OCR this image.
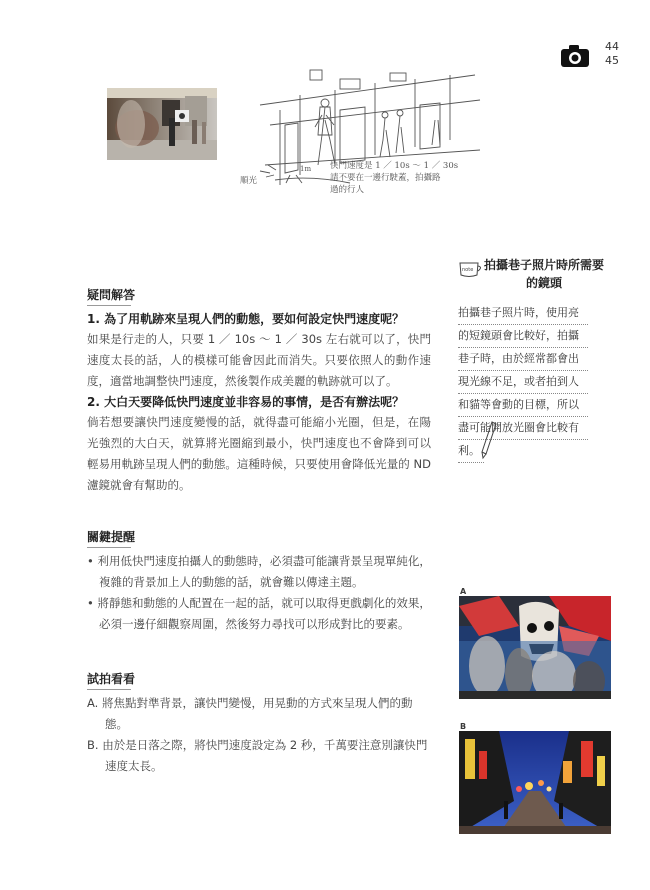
44
45
順光
1m 快門速度是 1 ／ 10s ～ 1 ／ 30s
請不要在一邊行駛蓋，拍攝路
過的行人
疑問解答
1. 為了用軌跡來呈現人們的動態，要如何設定快門速度呢？
如果是行走的人，只要 1 ／ 10s ～ 1 ／ 30s 左右就可以了，快門速度太長的話，人的模樣可能會因此而消失。只要依照人的動作速度，適當地調整快門速度，然後製作成美麗的軌跡就可以了。
2. 大白天要降低快門速度並非容易的事情，是否有辦法呢？
倘若想要讓快門速度變慢的話，就得盡可能縮小光圈，但是，在陽光強烈的大白天，就算將光圈縮到最小，快門速度也不會降到可以輕易用軌跡呈現人們的動態。這種時候，只要使用會降低光量的 ND 濾鏡就會有幫助的。
關鍵提醒
• 利用低快門速度拍攝人的動態時，必須盡可能讓背景呈現單純化，複雜的背景加上人的動態的話，就會難以傳達主題。
• 將靜態和動態的人配置在一起的話，就可以取得更戲劇化的效果，必須一邊仔細觀察周圍，然後努力尋找可以形成對比的要素。
試拍看看
A. 將焦點對準背景，讓快門變慢，用晃動的方式來呈現人們的動態。
B. 由於是日落之際，將快門速度設定為 2 秒，千萬要注意別讓快門速度太長。
note 拍攝巷子照片時所需要的鏡頭
拍攝巷子照片時，使用亮
的短鏡頭會比較好，拍攝
巷子時，由於經常都會出
現光線不足，或者拍到人
和貓等會動的目標，所以
盡可能開放光圈會比較有
利。
A
B
